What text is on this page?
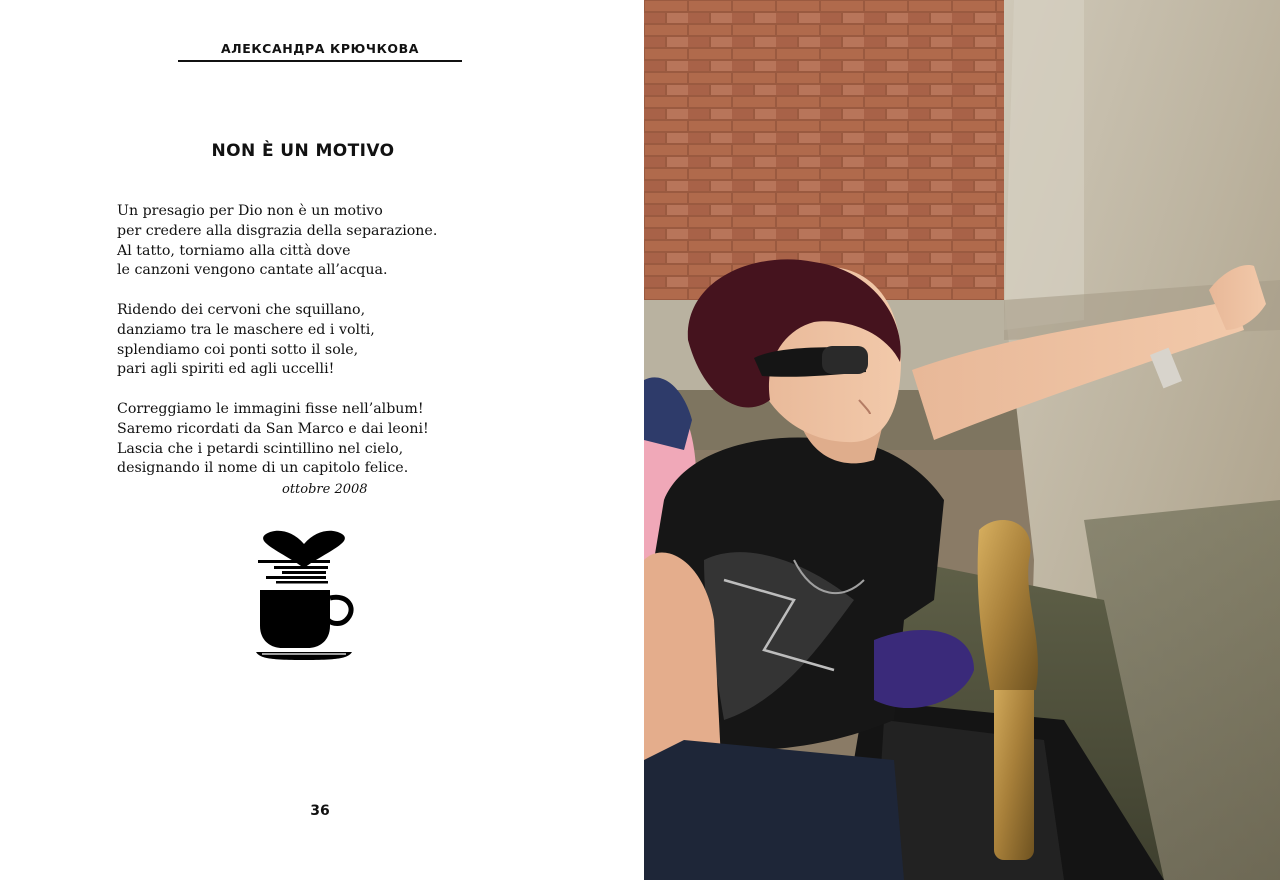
АЛЕКСАНДРА КРЮЧКОВА
NON È UN MOTIVO
Un presagio per Dio non è un motivo
per credere alla disgrazia della separazione.
Al tatto, torniamo alla città dove
le canzoni vengono cantate all’acqua.
Ridendo dei cervoni che squillano,
danziamo tra le maschere ed i volti,
splendiamo coi ponti sotto il sole,
pari agli spiriti ed agli uccelli!
Correggiamo le immagini fisse nell’album!
Saremo ricordati da San Marco e dai leoni!
Lascia che i petardi scintillino nel cielo,
designando il nome di un capitolo felice.
ottobre 2008
36
